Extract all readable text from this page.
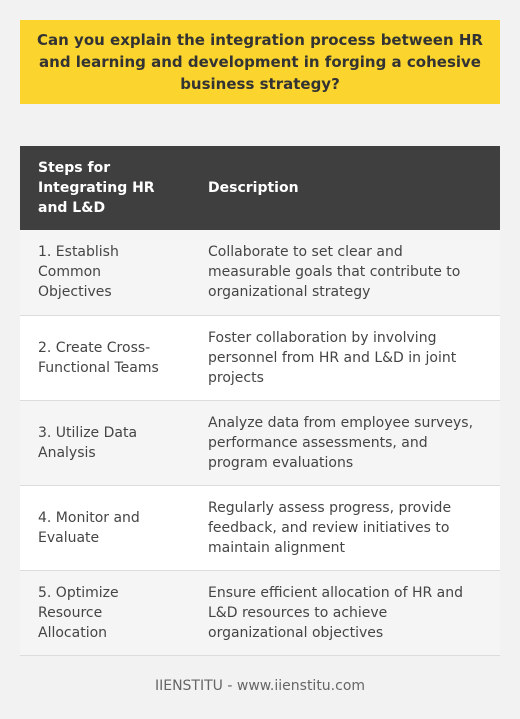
Can you explain the integration process between HR and learning and development in forging a cohesive business strategy?
Steps for Integrating HR and L&D	Description
1. Establish Common Objectives	Collaborate to set clear and measurable goals that contribute to organizational strategy
2. Create Cross-Functional Teams	Foster collaboration by involving personnel from HR and L&D in joint projects
3. Utilize Data Analysis	Analyze data from employee surveys, performance assessments, and program evaluations
4. Monitor and Evaluate	Regularly assess progress, provide feedback, and review initiatives to maintain alignment
5. Optimize Resource Allocation	Ensure efficient allocation of HR and L&D resources to achieve organizational objectives
IIENSTITU - www.iienstitu.com
